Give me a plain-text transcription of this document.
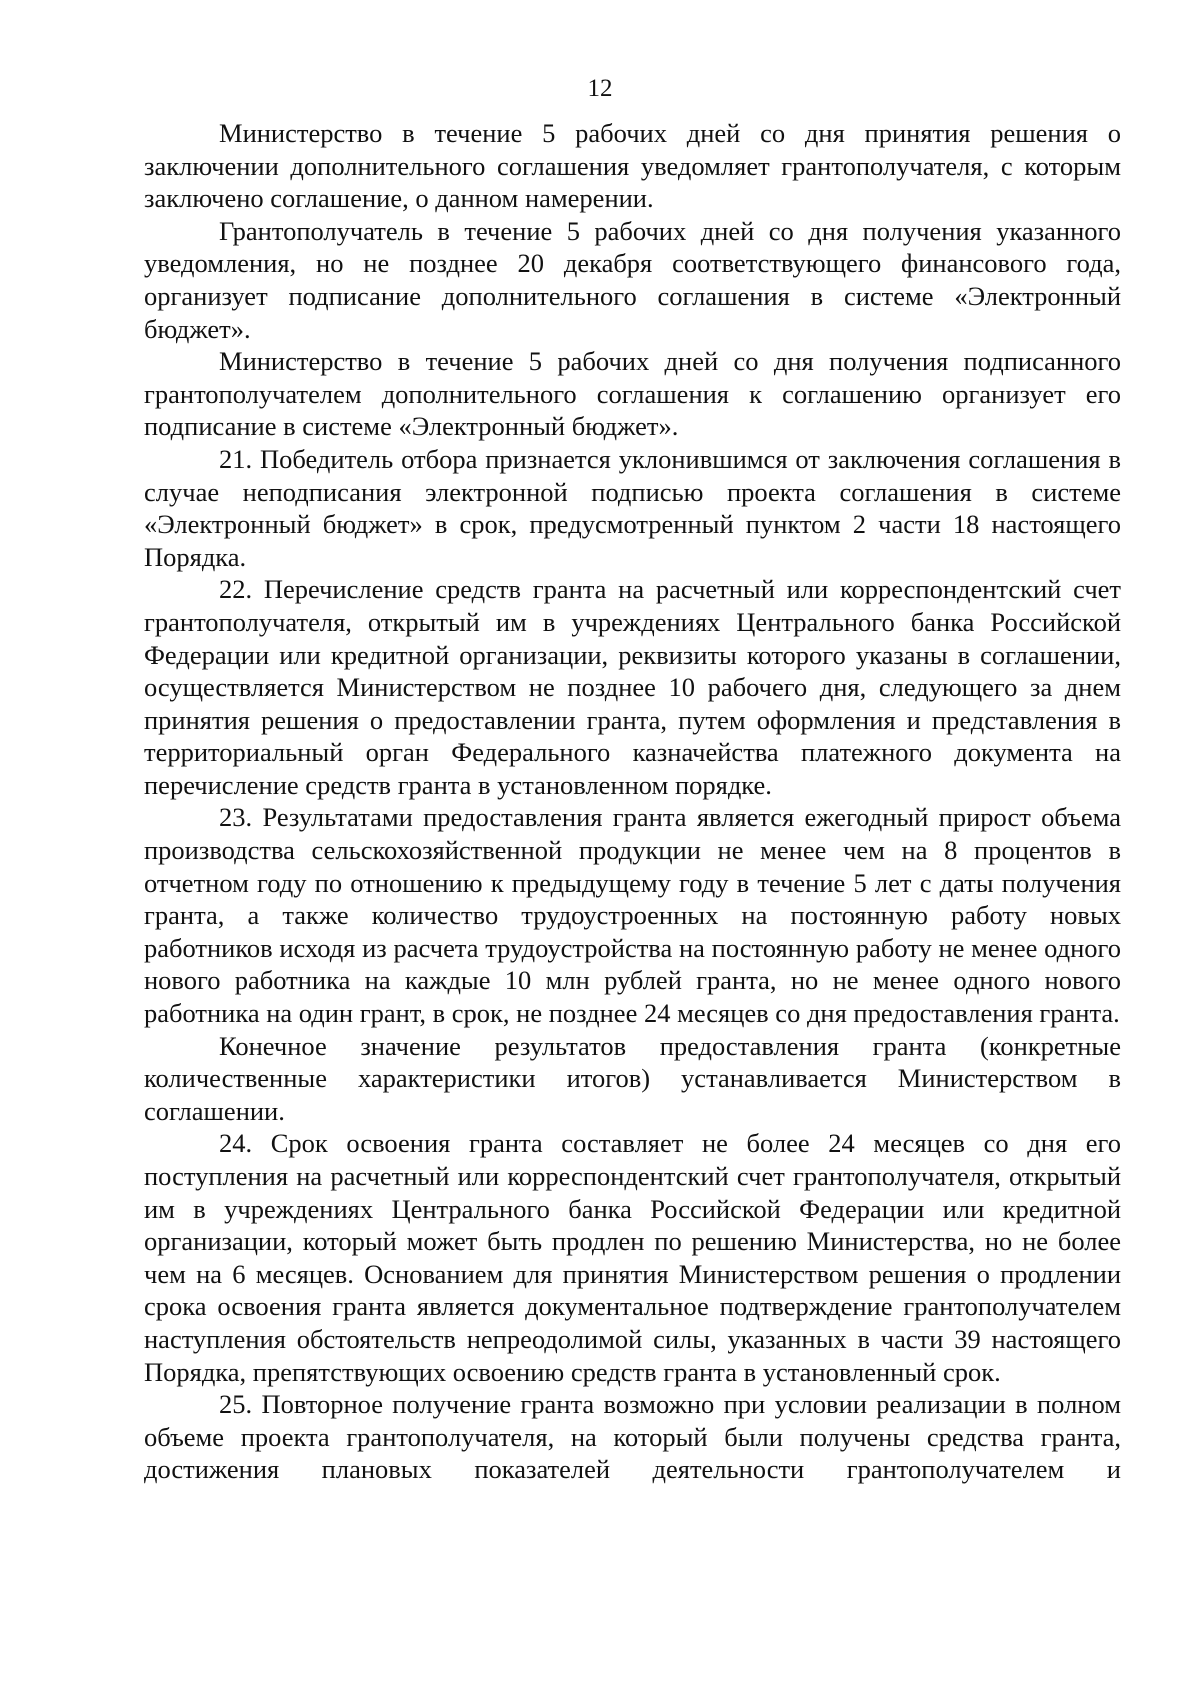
12

Министерство в течение 5 рабочих дней со дня принятия решения о заключении дополнительного соглашения уведомляет грантополучателя, с которым заключено соглашение, о данном намерении.

Грантополучатель в течение 5 рабочих дней со дня получения указанного уведомления, но не позднее 20 декабря соответствующего финансового года, организует подписание дополнительного соглашения в системе «Электронный бюджет».

Министерство в течение 5 рабочих дней со дня получения подписанного грантополучателем дополнительного соглашения к соглашению организует его подписание в системе «Электронный бюджет».

21. Победитель отбора признается уклонившимся от заключения соглашения в случае неподписания электронной подписью проекта соглашения в системе «Электронный бюджет» в срок, предусмотренный пунктом 2 части 18 настоящего Порядка.

22. Перечисление средств гранта на расчетный или корреспондентский счет грантополучателя, открытый им в учреждениях Центрального банка Российской Федерации или кредитной организации, реквизиты которого указаны в соглашении, осуществляется Министерством не позднее 10 рабочего дня, следующего за днем принятия решения о предоставлении гранта, путем оформления и представления в территориальный орган Федерального казначейства платежного документа на перечисление средств гранта в установленном порядке.

23. Результатами предоставления гранта является ежегодный прирост объема производства сельскохозяйственной продукции не менее чем на 8 процентов в отчетном году по отношению к предыдущему году в течение 5 лет с даты получения гранта, а также количество трудоустроенных на постоянную работу новых работников исходя из расчета трудоустройства на постоянную работу не менее одного нового работника на каждые 10 млн рублей гранта, но не менее одного нового работника на один грант, в срок, не позднее 24 месяцев со дня предоставления гранта.

Конечное значение результатов предоставления гранта (конкретные количественные характеристики итогов) устанавливается Министерством в соглашении.

24. Срок освоения гранта составляет не более 24 месяцев со дня его поступления на расчетный или корреспондентский счет грантополучателя, открытый им в учреждениях Центрального банка Российской Федерации или кредитной организации, который может быть продлен по решению Министерства, но не более чем на 6 месяцев. Основанием для принятия Министерством решения о продлении срока освоения гранта является документальное подтверждение грантополучателем наступления обстоятельств непреодолимой силы, указанных в части 39 настоящего Порядка, препятствующих освоению средств гранта в установленный срок.

25. Повторное получение гранта возможно при условии реализации в полном объеме проекта грантополучателя, на который были получены средства гранта, достижения плановых показателей деятельности грантополучателем и
